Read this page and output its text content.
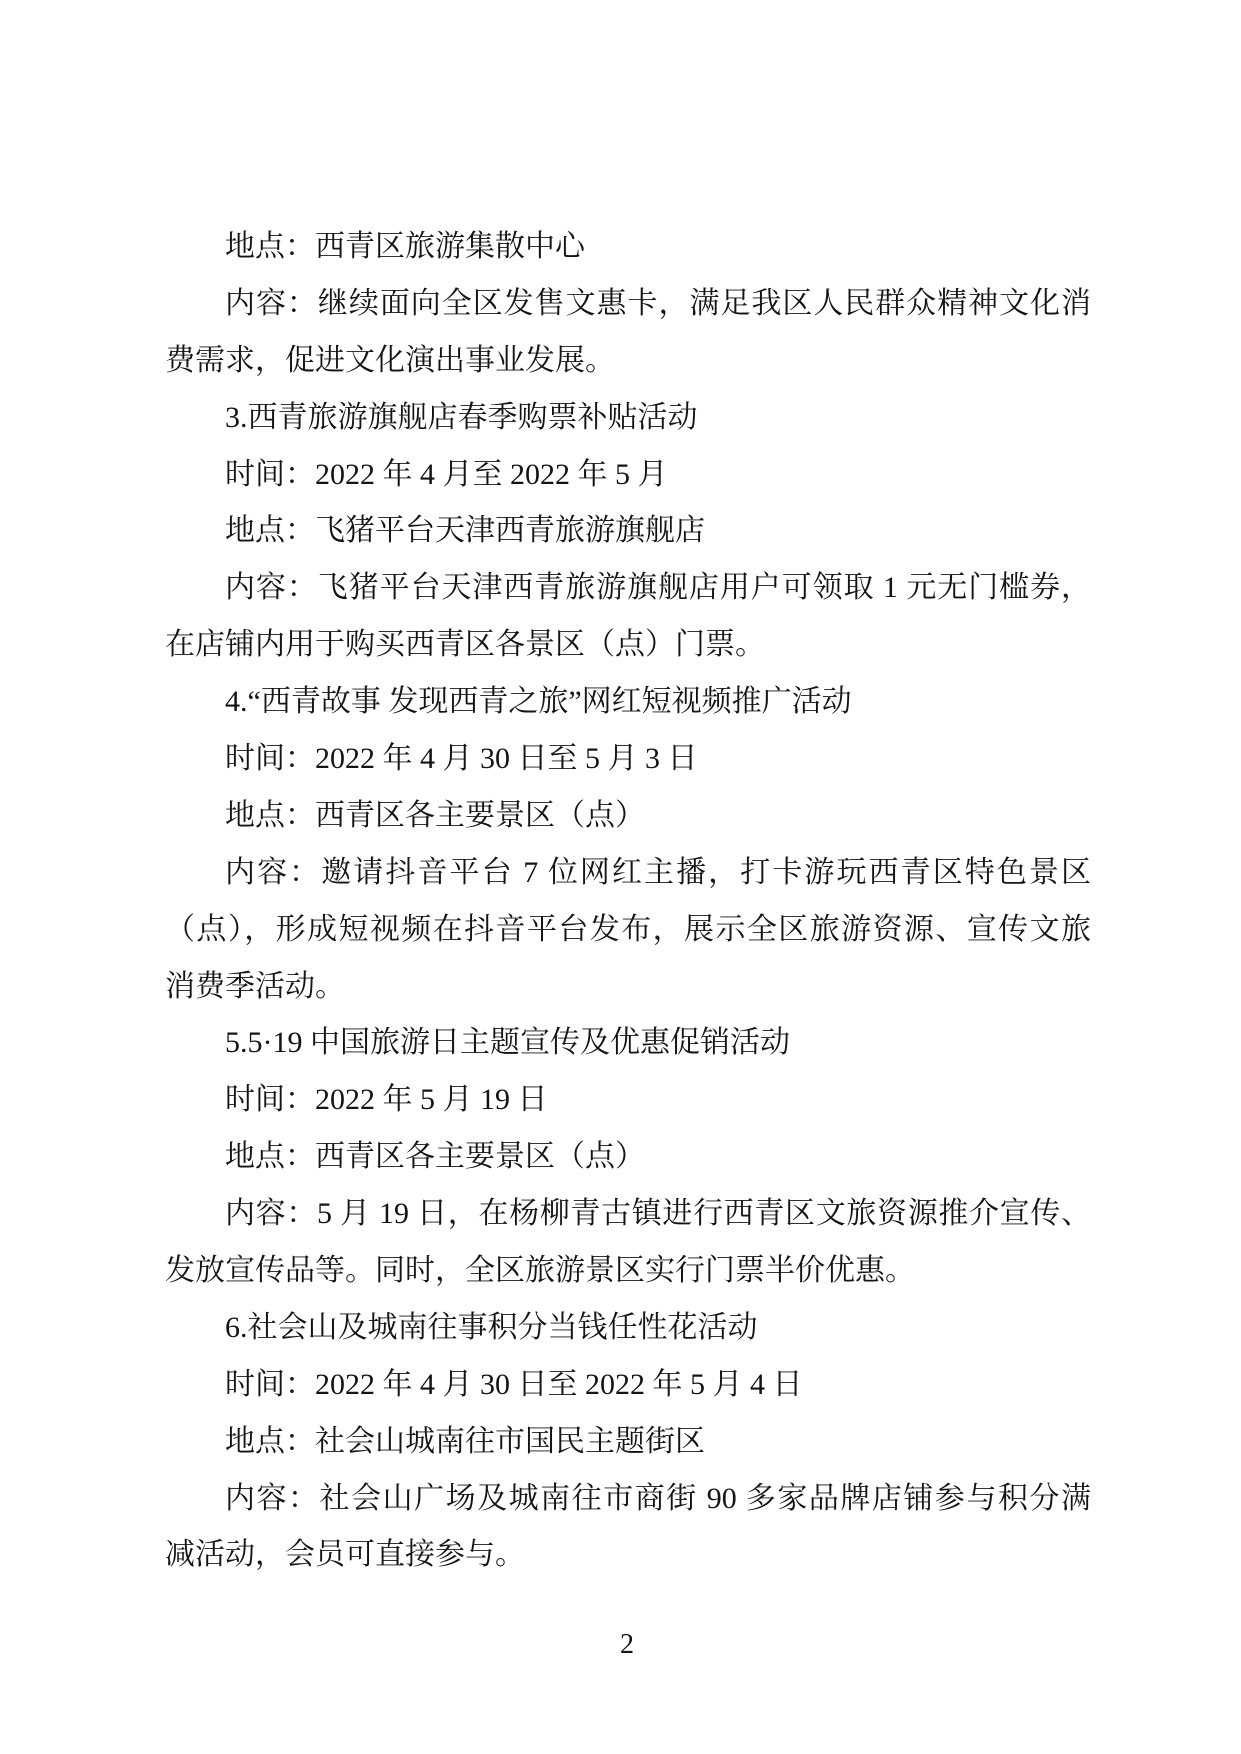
地点：西青区旅游集散中心
内容：继续面向全区发售文惠卡，满足我区人民群众精神文化消
费需求，促进文化演出事业发展。
3.西青旅游旗舰店春季购票补贴活动
时间：2022 年 4 月至 2022 年 5 月
地点：飞猪平台天津西青旅游旗舰店
内容：飞猪平台天津西青旅游旗舰店用户可领取 1 元无门槛券，
在店铺内用于购买西青区各景区（点）门票。
4.“西青故事 发现西青之旅”网红短视频推广活动
时间：2022 年 4 月 30 日至 5 月 3 日
地点：西青区各主要景区（点）
内容：邀请抖音平台 7 位网红主播，打卡游玩西青区特色景区
（点），形成短视频在抖音平台发布，展示全区旅游资源、宣传文旅
消费季活动。
5.5·19 中国旅游日主题宣传及优惠促销活动
时间：2022 年 5 月 19 日
地点：西青区各主要景区（点）
内容：5 月 19 日，在杨柳青古镇进行西青区文旅资源推介宣传、
发放宣传品等。同时，全区旅游景区实行门票半价优惠。
6.社会山及城南往事积分当钱任性花活动
时间：2022 年 4 月 30 日至 2022 年 5 月 4 日
地点：社会山城南往市国民主题街区
内容：社会山广场及城南往市商街 90 多家品牌店铺参与积分满
减活动，会员可直接参与。
2
